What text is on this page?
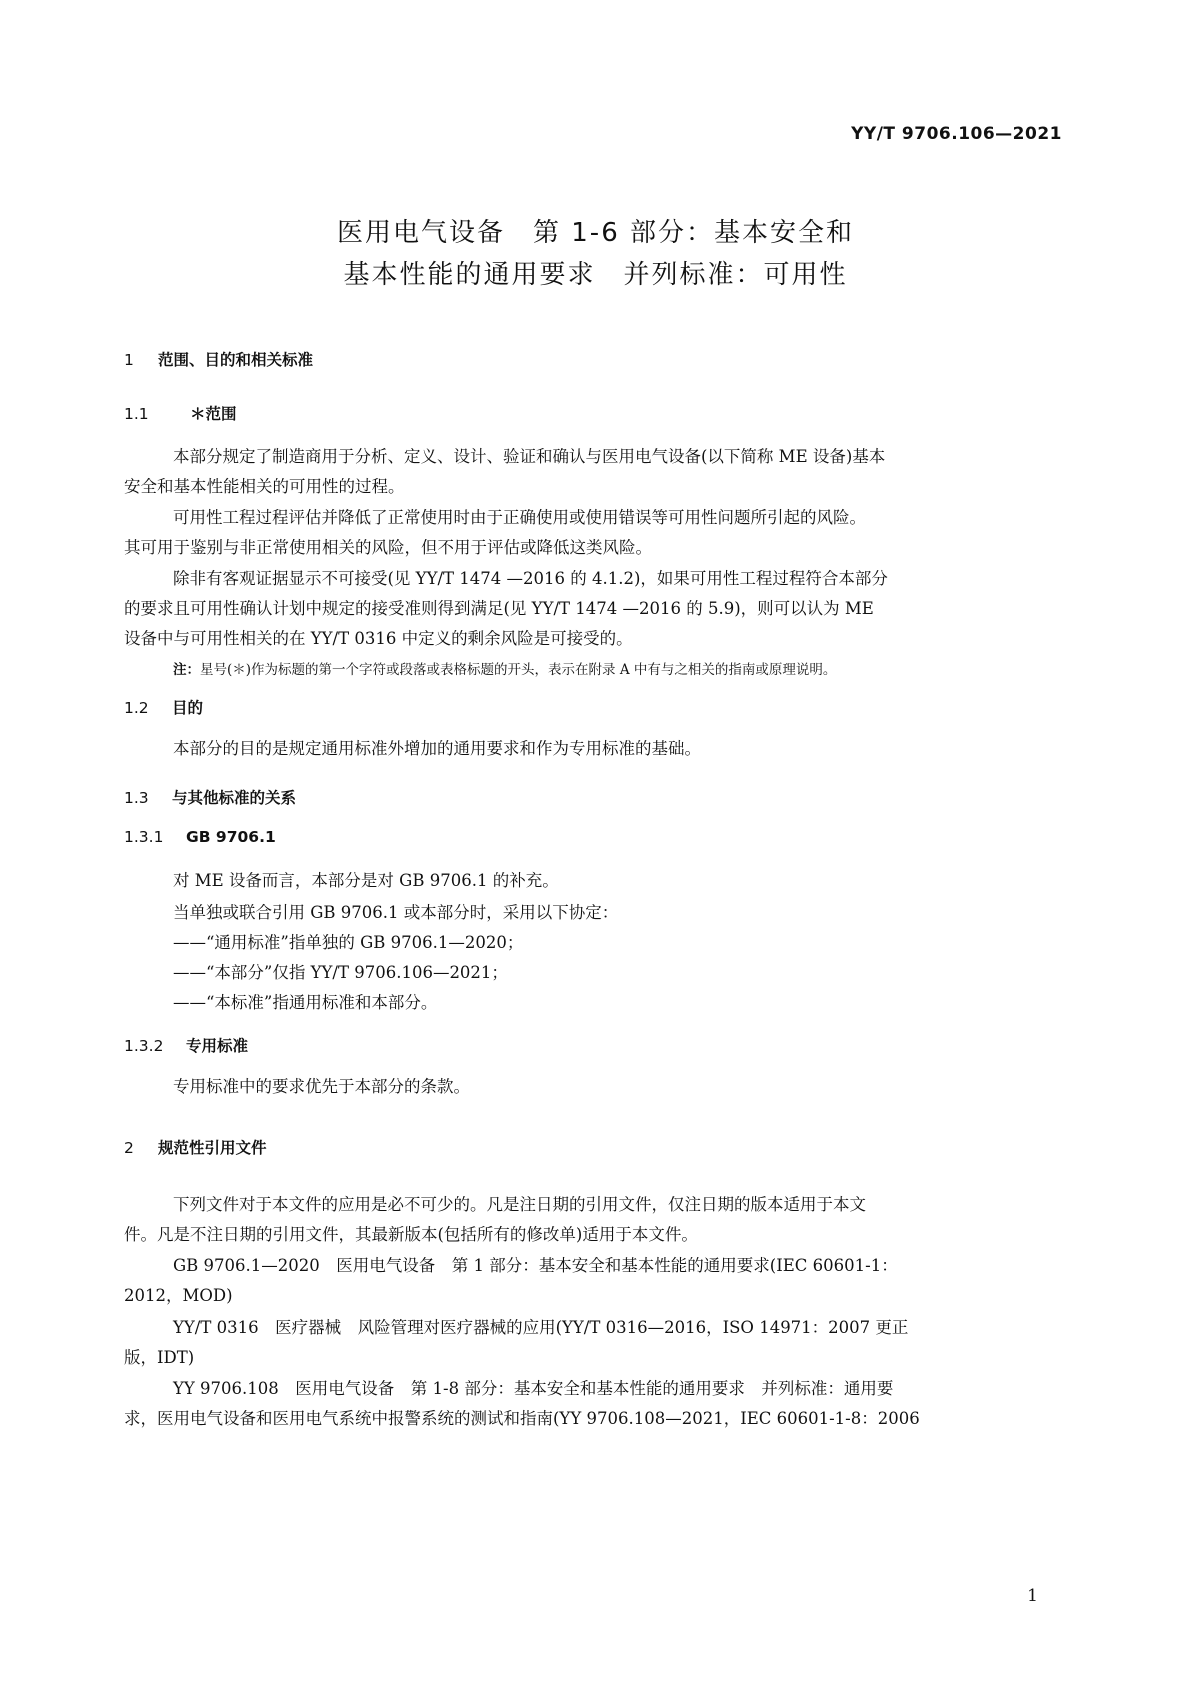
YY/T 9706.106—2021
医用电气设备　第 1-6 部分：基本安全和
基本性能的通用要求　并列标准：可用性
1 范围、目的和相关标准
1.1	＊范围
本部分规定了制造商用于分析、定义、设计、验证和确认与医用电气设备(以下简称 ME 设备)基本
安全和基本性能相关的可用性的过程。
可用性工程过程评估并降低了正常使用时由于正确使用或使用错误等可用性问题所引起的风险。
其可用于鉴别与非正常使用相关的风险，但不用于评估或降低这类风险。
除非有客观证据显示不可接受(见 YY/T 1474 —2016 的 4.1.2)，如果可用性工程过程符合本部分
的要求且可用性确认计划中规定的接受准则得到满足(见 YY/T 1474 —2016 的 5.9)，则可以认为 ME
设备中与可用性相关的在 YY/T 0316 中定义的剩余风险是可接受的。
注：星号(＊)作为标题的第一个字符或段落或表格标题的开头，表示在附录 A 中有与之相关的指南或原理说明。
1.2 目的
本部分的目的是规定通用标准外增加的通用要求和作为专用标准的基础。
1.3 与其他标准的关系
1.3.1 GB 9706.1
对 ME 设备而言，本部分是对 GB 9706.1 的补充。
当单独或联合引用 GB 9706.1 或本部分时，采用以下协定：
——“通用标准”指单独的 GB 9706.1—2020；
——“本部分”仅指 YY/T 9706.106—2021；
——“本标准”指通用标准和本部分。
1.3.2 专用标准
专用标准中的要求优先于本部分的条款。
2 规范性引用文件
下列文件对于本文件的应用是必不可少的。凡是注日期的引用文件，仅注日期的版本适用于本文
件。凡是不注日期的引用文件，其最新版本(包括所有的修改单)适用于本文件。
GB 9706.1—2020　医用电气设备　第 1 部分：基本安全和基本性能的通用要求(IEC 60601-1：
2012，MOD)
YY/T 0316　医疗器械　风险管理对医疗器械的应用(YY/T 0316—2016，ISO 14971：2007 更正
版，IDT)
YY 9706.108　医用电气设备　第 1-8 部分：基本安全和基本性能的通用要求　并列标准：通用要
求，医用电气设备和医用电气系统中报警系统的测试和指南(YY 9706.108—2021，IEC 60601-1-8：2006
1
